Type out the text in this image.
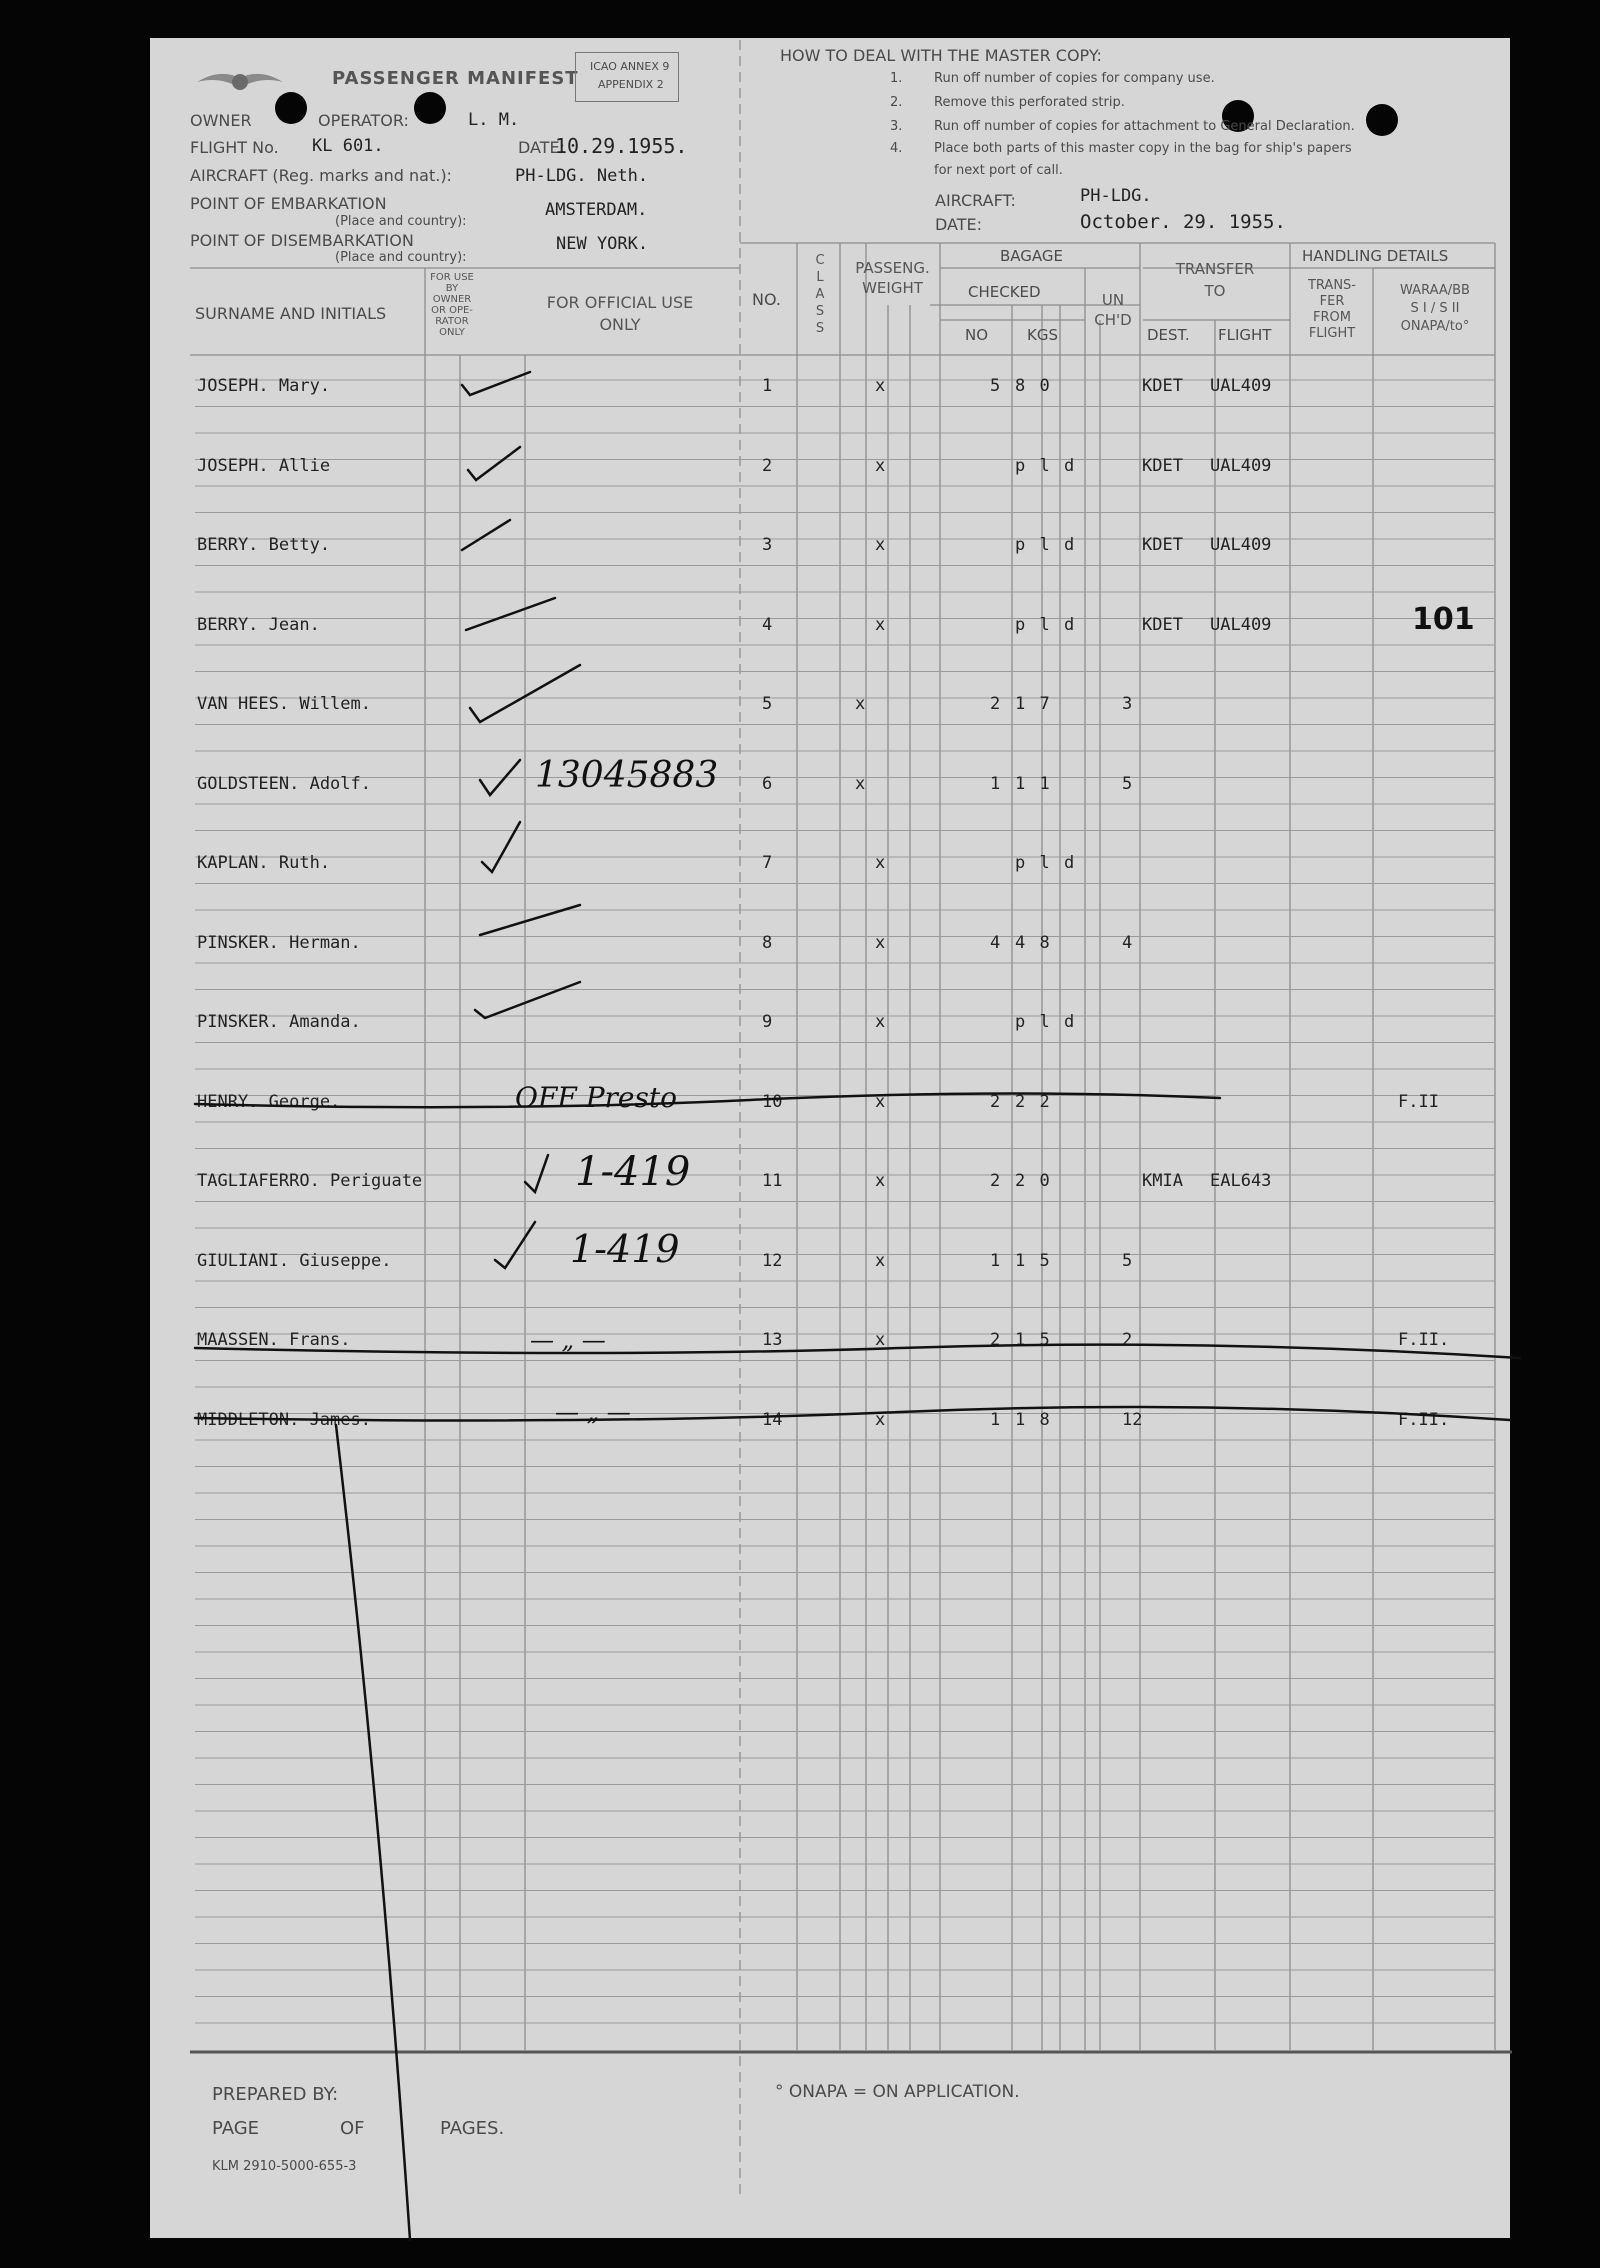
PASSENGER MANIFEST
ICAO ANNEX 9
APPENDIX 2
OWNER	OPERATOR:	L. M.
FLIGHT No. KL 601.	DATE:
10.29.1955.
AIRCRAFT (Reg. marks and nat.):	PH-LDG. Neth.
POINT OF EMBARKATION
(Place and country):
AMSTERDAM.
POINT OF DISEMBARKATION
(Place and country):
NEW YORK.
HOW TO DEAL WITH THE MASTER COPY:
1. Run off number of copies for company use.
2. Remove this perforated strip.
3. Run off number of copies for attachment to General Declaration.
4. Place both parts of this master copy in the bag for ship's papers
for next port of call.
AIRCRAFT:	PH-LDG.
DATE:	October. 29. 1955.
SURNAME AND INITIALS
FOR USE
BY
OWNER
OR OPE-
RATOR
ONLY
FOR OFFICIAL USE
ONLY
NO.
C
L
A
S
S
PASSENG.
WEIGHT
BAGAGE
CHECKED
NO	KGS
UN
CH'D
TRANSFER
TO
DEST. FLIGHT
HANDLING DETAILS
TRANS-
FER
FROM
FLIGHT
WARAA/BB
S I / S II
ONAPA/to°
JOSEPH. Mary.	1	x	5 8 0	KDET UAL409
JOSEPH. Allie	2	x	p l d	KDET UAL409
BERRY. Betty.	3	x	p l d	KDET UAL409
BERRY. Jean.	4	x	p l d	KDET UAL409
VAN HEES. Willem.	5	x	2 1 7	3
GOLDSTEEN. Adolf.	6	x	1 1 1	5
KAPLAN. Ruth.	7	x	p l d
PINSKER. Herman.	8	x	4 4 8	4
PINSKER. Amanda.	9	x	p l d
HENRY. George.	10	x	2 2 2	F.II
TAGLIAFERRO. Periguate	11	x	2 2 0	KMIA EAL643
GIULIANI. Giuseppe.	12	x	1 1 5	5
MAASSEN. Frans.	13	x	2 1 5	2	F.II.
MIDDLETON. James.	14	x	1 1 8	12	F.II.
13045883
OFF Presto
1-419
1-419
— „ —
— „ —
101
PREPARED BY:
PAGE	OF	PAGES.
KLM 2910-5000-655-3
° ONAPA = ON APPLICATION.
